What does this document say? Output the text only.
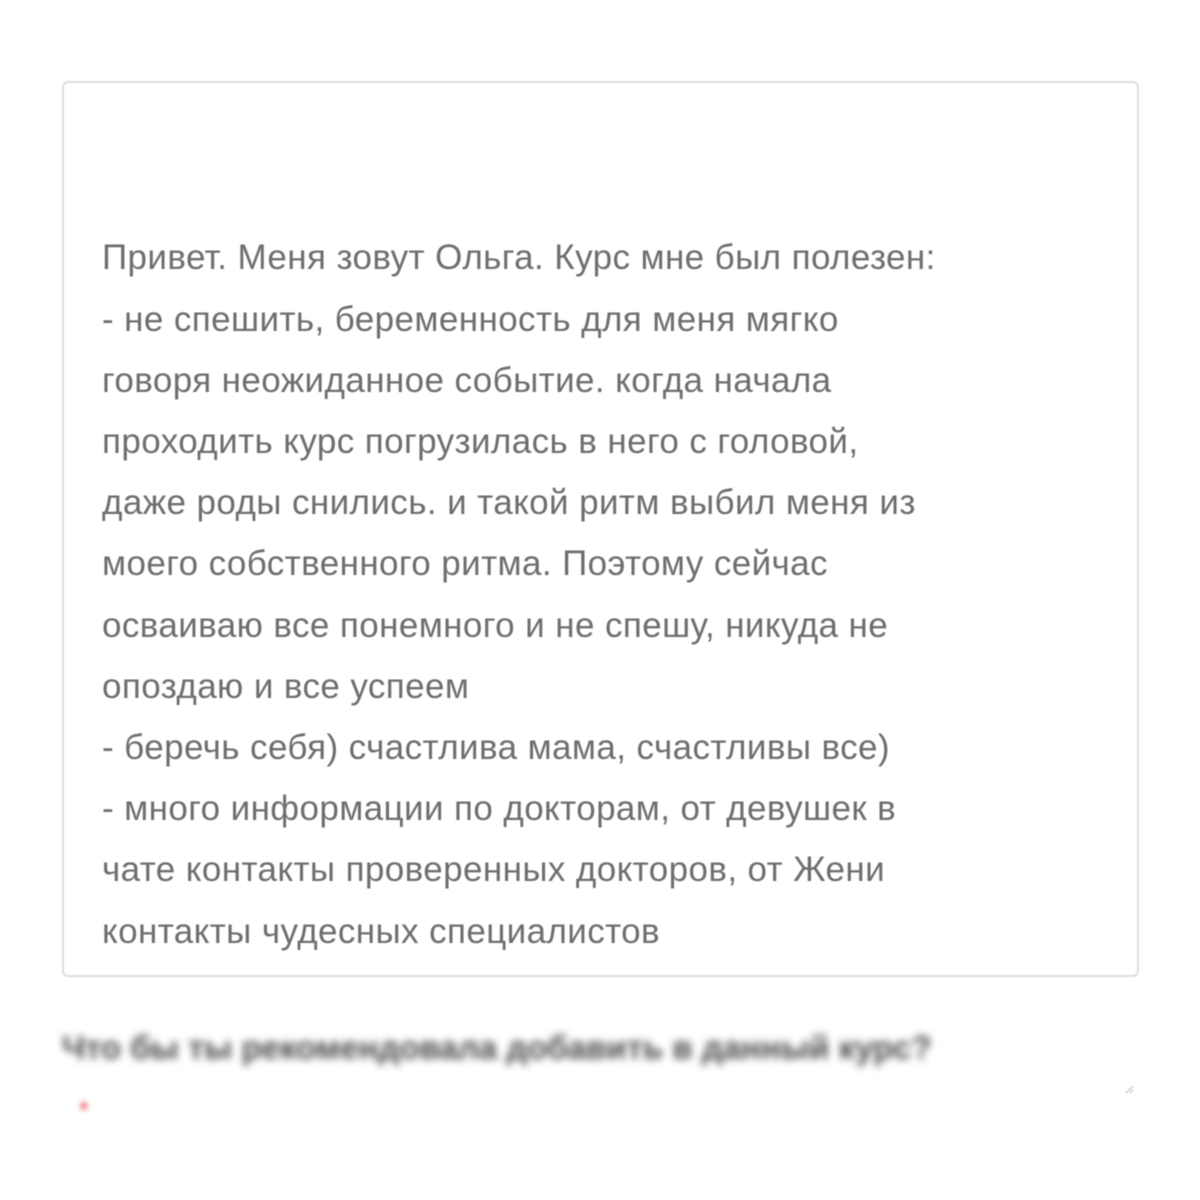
Привет. Меня зовут Ольга. Курс мне был полезен:
- не спешить, беременность для меня мягко
говоря неожиданное событие. когда начала
проходить курс погрузилась в него с головой,
даже роды снились. и такой ритм выбил меня из
моего собственного ритма. Поэтому сейчас
осваиваю все понемного и не спешу, никуда не
опоздаю и все успеем
- беречь себя) счастлива мама, счастливы все)
- много информации по докторам, от девушек в
чате контакты проверенных докторов, от Жени
контакты чудесных специалистов

Что бы ты рекомендовала добавить в данный курс?
*
